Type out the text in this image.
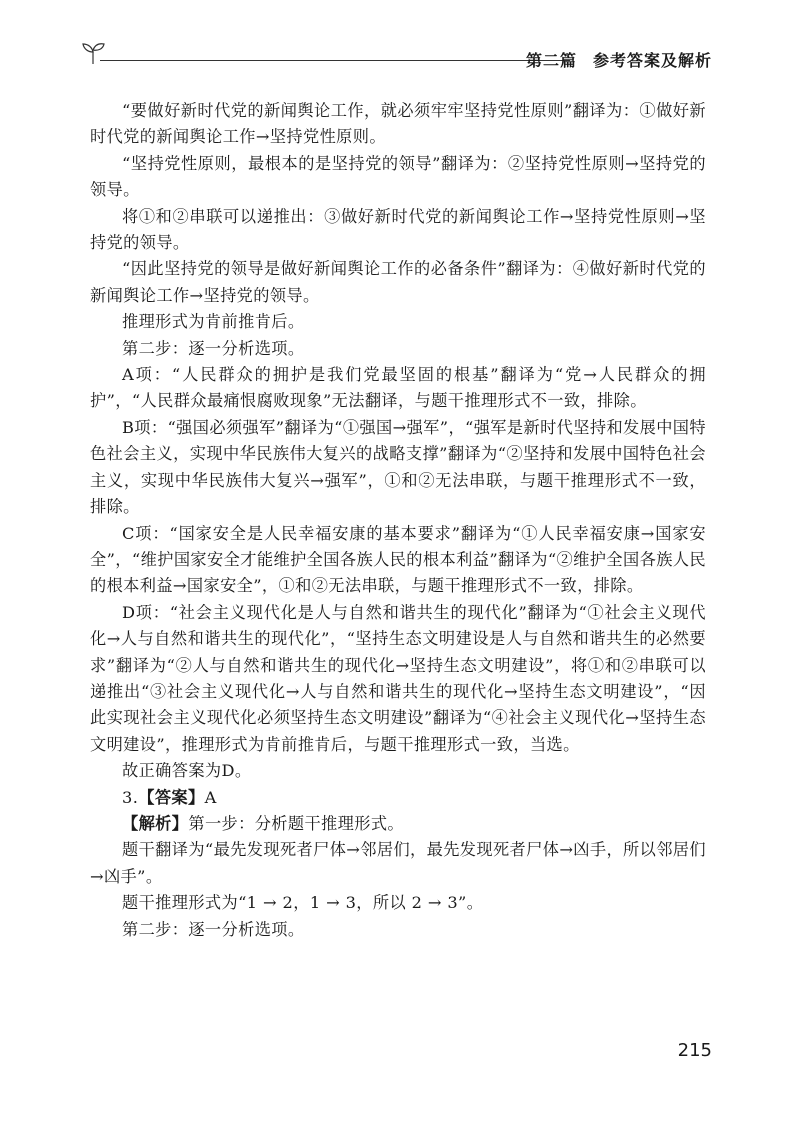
第二篇 参考答案及解析

“要做好新时代党的新闻舆论工作，就必须牢牢坚持党性原则”翻译为：①做好新时代党的新闻舆论工作→坚持党性原则。

“坚持党性原则，最根本的是坚持党的领导”翻译为：②坚持党性原则→坚持党的领导。

将①和②串联可以递推出：③做好新时代党的新闻舆论工作→坚持党性原则→坚持党的领导。

“因此坚持党的领导是做好新闻舆论工作的必备条件”翻译为：④做好新时代党的新闻舆论工作→坚持党的领导。

推理形式为肯前推肯后。

第二步：逐一分析选项。

A项：“人民群众的拥护是我们党最坚固的根基”翻译为“党→人民群众的拥护”，“人民群众最痛恨腐败现象”无法翻译，与题干推理形式不一致，排除。

B项：“强国必须强军”翻译为“①强国→强军”，“强军是新时代坚持和发展中国特色社会主义，实现中华民族伟大复兴的战略支撑”翻译为“②坚持和发展中国特色社会主义，实现中华民族伟大复兴→强军”，①和②无法串联，与题干推理形式不一致，排除。

C项：“国家安全是人民幸福安康的基本要求”翻译为“①人民幸福安康→国家安全”，“维护国家安全才能维护全国各族人民的根本利益”翻译为“②维护全国各族人民的根本利益→国家安全”，①和②无法串联，与题干推理形式不一致，排除。

D项：“社会主义现代化是人与自然和谐共生的现代化”翻译为“①社会主义现代化→人与自然和谐共生的现代化”，“坚持生态文明建设是人与自然和谐共生的必然要求”翻译为“②人与自然和谐共生的现代化→坚持生态文明建设”，将①和②串联可以递推出“③社会主义现代化→人与自然和谐共生的现代化→坚持生态文明建设”，“因此实现社会主义现代化必须坚持生态文明建设”翻译为“④社会主义现代化→坚持生态文明建设”，推理形式为肯前推肯后，与题干推理形式一致，当选。

故正确答案为D。

3.【答案】A

【解析】第一步：分析题干推理形式。

题干翻译为“最先发现死者尸体→邻居们，最先发现死者尸体→凶手，所以邻居们→凶手”。

题干推理形式为“1 → 2，1 → 3，所以 2 → 3”。

第二步：逐一分析选项。

215
